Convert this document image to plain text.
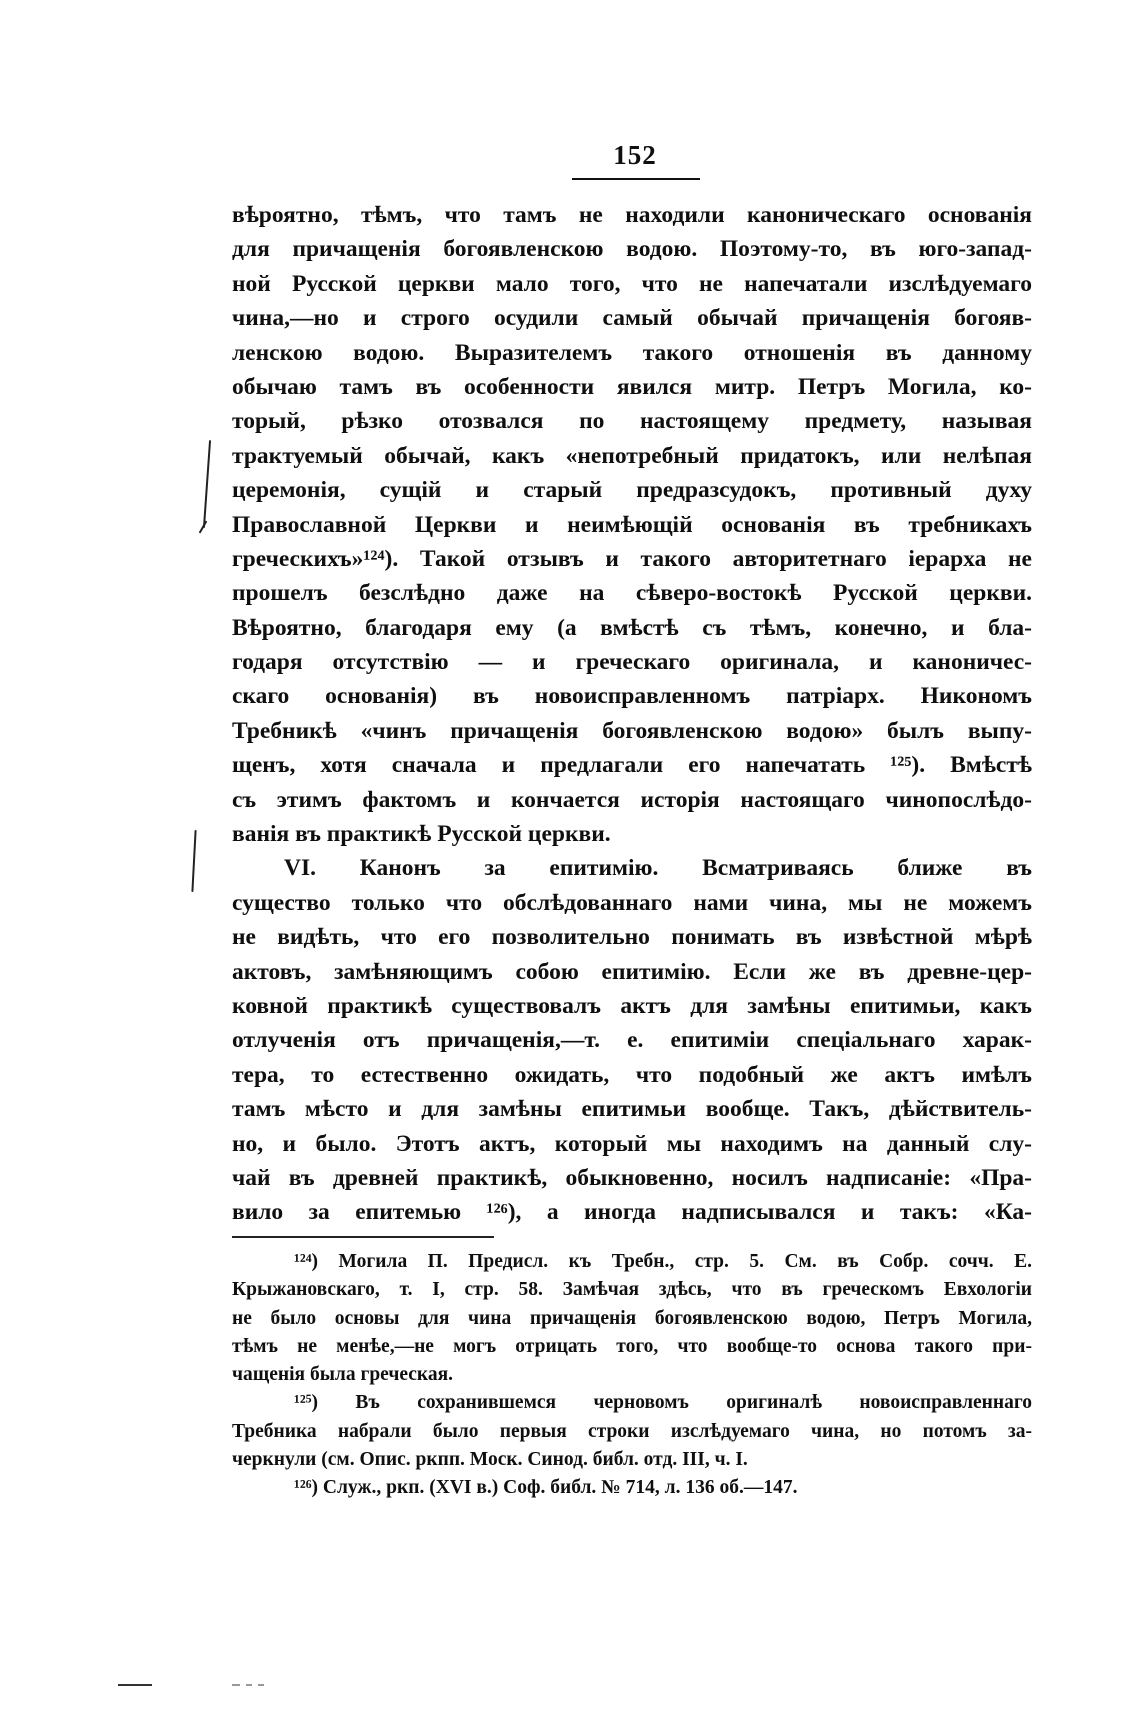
152
вѣроятно, тѣмъ, что тамъ не находили каноническаго основанія
для причащенія богоявленскою водою. Поэтому-то, въ юго-запад-
ной Русской церкви мало того, что не напечатали изслѣдуемаго
чина,—но и строго осудили самый обычай причащенія богояв-
ленскою водою. Выразителемъ такого отношенія въ данному
обычаю тамъ въ особенности явился митр. Петръ Могила, ко-
торый, рѣзко отозвался по настоящему предмету, называя
трактуемый обычай, какъ «непотребный придатокъ, или нелѣпая
церемонія, сущій и старый предразсудокъ, противный духу
Православной Церкви и неимѣющій основанія въ требникахъ
греческихъ»¹²⁴). Такой отзывъ и такого авторитетнаго іерарха не
прошелъ безслѣдно даже на сѣверо-востокѣ Русской церкви.
Вѣроятно, благодаря ему (а вмѣстѣ съ тѣмъ, конечно, и бла-
годаря отсутствію — и греческаго оригинала, и каноничес-
скаго основанія) въ новоисправленномъ патріарх. Никономъ
Требникѣ «чинъ причащенія богоявленскою водою» былъ выпу-
щенъ, хотя сначала и предлагали его напечатать ¹²⁵). Вмѣстѣ
съ этимъ фактомъ и кончается исторія настоящаго чинопослѣдо-
ванія въ практикѣ Русской церкви.
VI. Канонъ за епитимію. Всматриваясь ближе въ
существо только что обслѣдованнаго нами чина, мы не можемъ
не видѣть, что его позволительно понимать въ извѣстной мѣрѣ
актовъ, замѣняющимъ собою епитимію. Если же въ древне-цер-
ковной практикѣ существовалъ актъ для замѣны епитимьи, какъ
отлученія отъ причащенія,—т. е. епитиміи спеціальнаго харак-
тера, то естественно ожидать, что подобный же актъ имѣлъ
тамъ мѣсто и для замѣны епитимьи вообще. Такъ, дѣйствитель-
но, и было. Этотъ актъ, который мы находимъ на данный слу-
чай въ древней практикѣ, обыкновенно, носилъ надписаніе: «Пра-
вило за епитемью ¹²⁶), а иногда надписывался и такъ: «Ка-
¹²⁴) Могила П. Предисл. къ Требн., стр. 5. См. въ Собр. сочч. Е.
Крыжановскаго, т. I, стр. 58. Замѣчая здѣсь, что въ греческомъ Евхологіи
не было основы для чина причащенія богоявленскою водою, Петръ Могила,
тѣмъ не менѣе,—не могъ отрицать того, что вообще-то основа такого при-
чащенія была греческая.
¹²⁵) Въ сохранившемся черновомъ оригиналѣ новоисправленнаго
Требника набрали было первыя строки изслѣдуемаго чина, но потомъ за-
черкнули (см. Опис. ркпп. Моск. Синод. библ. отд. III, ч. I.
¹²⁶) Служ., ркп. (XVI в.) Соф. библ. № 714, л. 136 об.—147.
